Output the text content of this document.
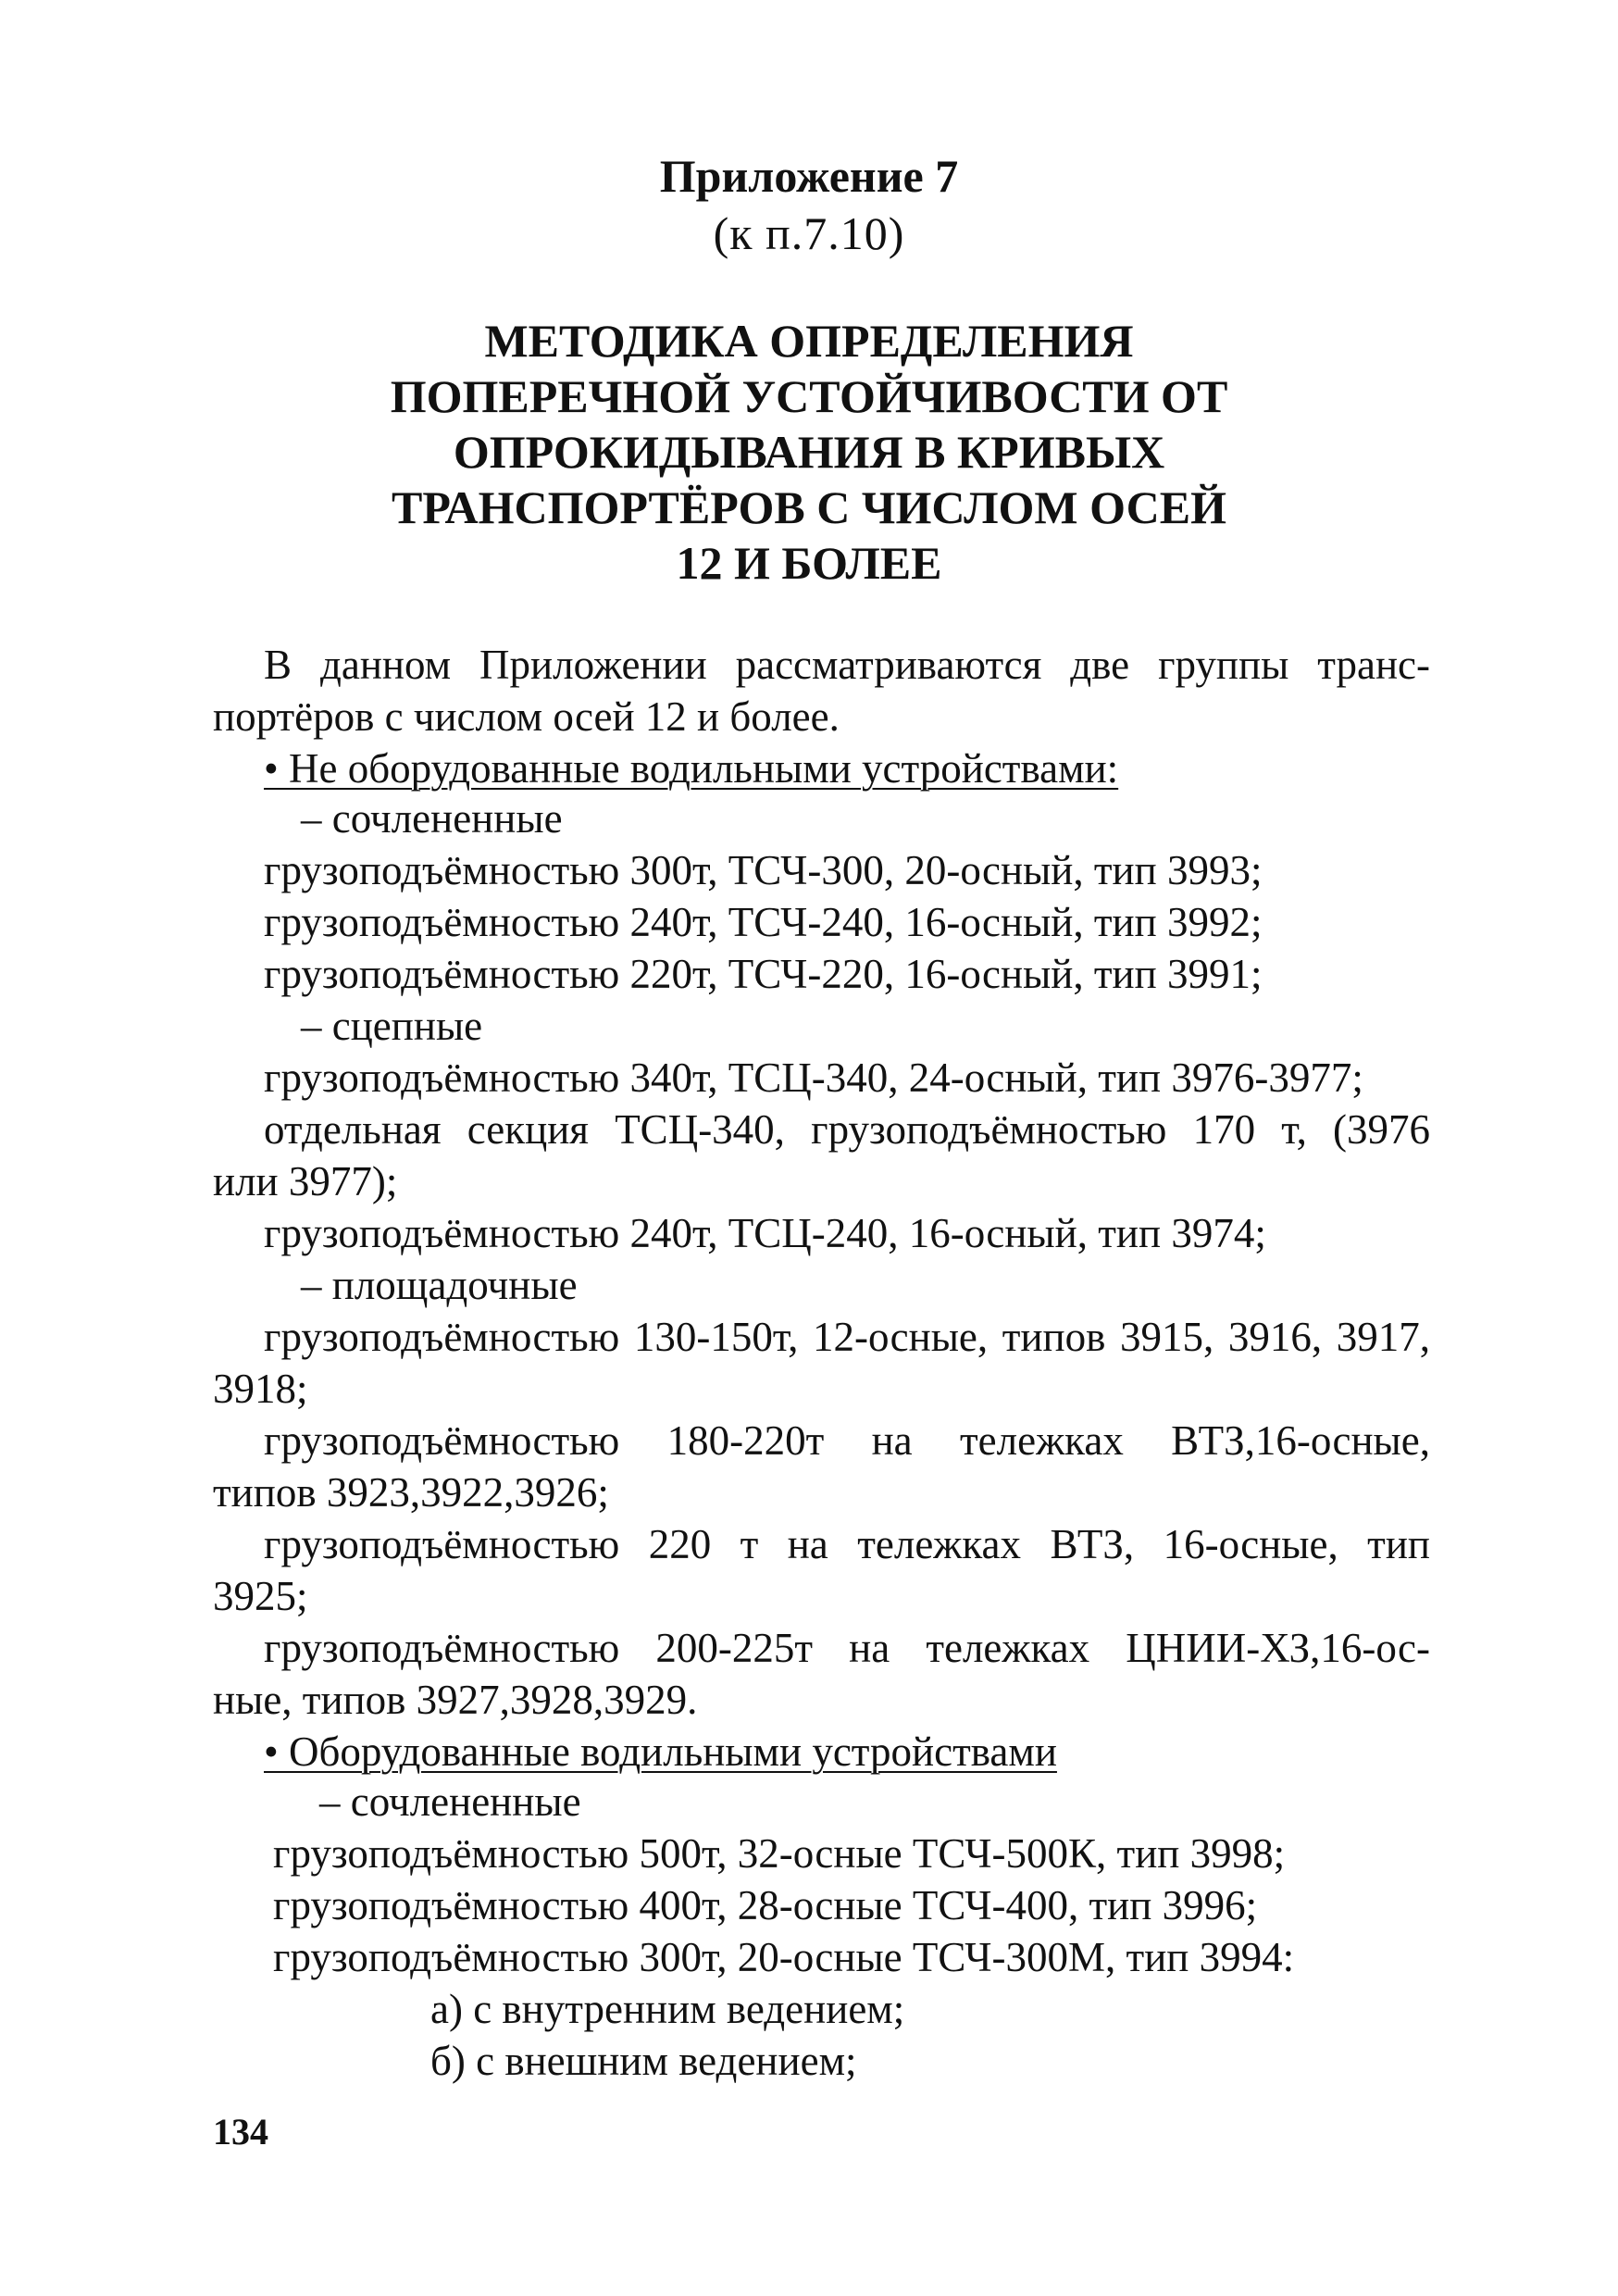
Приложение 7
(к п.7.10)
МЕТОДИКА ОПРЕДЕЛЕНИЯ
ПОПЕРЕЧНОЙ УСТОЙЧИВОСТИ ОТ
ОПРОКИДЫВАНИЯ В КРИВЫХ
ТРАНСПОРТЁРОВ С ЧИСЛОМ ОСЕЙ
12 И БОЛЕЕ
В данном Приложении рассматриваются две группы транс-
портёров с числом осей 12 и более.
• Не оборудованные водильными устройствами:
– сочлененные
грузоподъёмностью 300т, ТСЧ-300, 20-осный, тип 3993;
грузоподъёмностью 240т, ТСЧ-240, 16-осный, тип 3992;
грузоподъёмностью 220т, ТСЧ-220, 16-осный, тип 3991;
– сцепные
грузоподъёмностью 340т, ТСЦ-340, 24-осный, тип 3976-3977;
отдельная секция ТСЦ-340, грузоподъёмностью 170 т, (3976
или 3977);
грузоподъёмностью 240т, ТСЦ-240, 16-осный, тип 3974;
– площадочные
грузоподъёмностью 130-150т, 12-осные, типов 3915, 3916, 3917,
3918;
грузоподъёмностью 180-220т на тележках ВТЗ,16-осные,
типов 3923,3922,3926;
грузоподъёмностью 220 т на тележках ВТЗ, 16-осные, тип
3925;
грузоподъёмностью 200-225т на тележках ЦНИИ-ХЗ,16-ос-
ные, типов 3927,3928,3929.
• Оборудованные водильными устройствами
– сочлененные
грузоподъёмностью 500т, 32-осные ТСЧ-500К, тип 3998;
грузоподъёмностью 400т, 28-осные ТСЧ-400, тип 3996;
грузоподъёмностью 300т, 20-осные ТСЧ-300М, тип 3994:
а) с внутренним ведением;
б) с внешним ведением;
134
